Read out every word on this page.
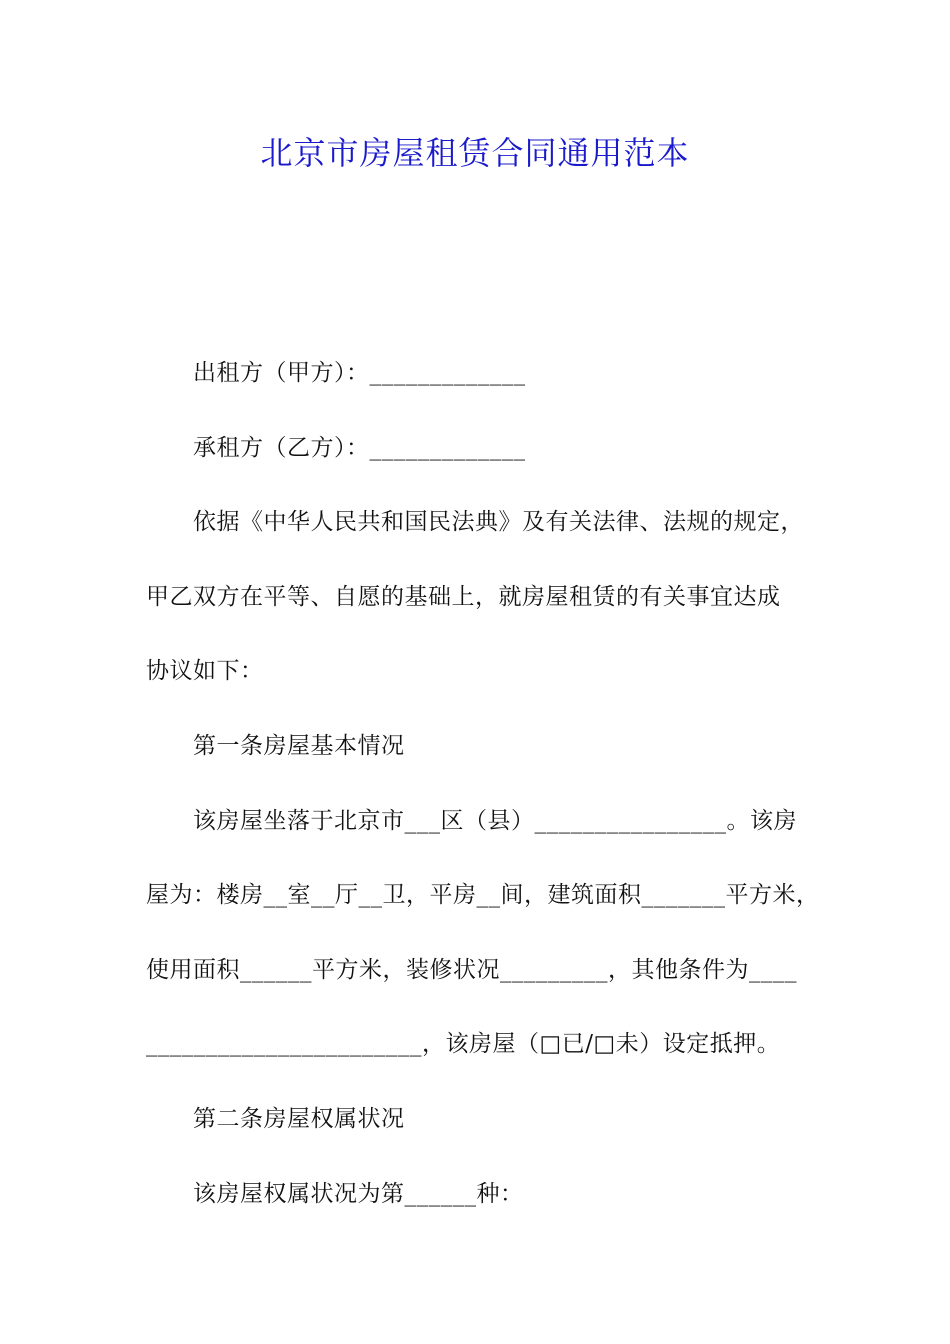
北京市房屋租赁合同通用范本
出租方（甲方）：_____________
承租方（乙方）：_____________
依据《中华人民共和国民法典》及有关法律、法规的规定，
甲乙双方在平等、自愿的基础上，就房屋租赁的有关事宜达成
协议如下：
第一条房屋基本情况
该房屋坐落于北京市___区（县）________________。该房
屋为：楼房__室__厅__卫，平房__间，建筑面积_______平方米，
使用面积______平方米，装修状况_________，其他条件为____
_______________________，该房屋（□已/□未）设定抵押。
第二条房屋权属状况
该房屋权属状况为第______种：
